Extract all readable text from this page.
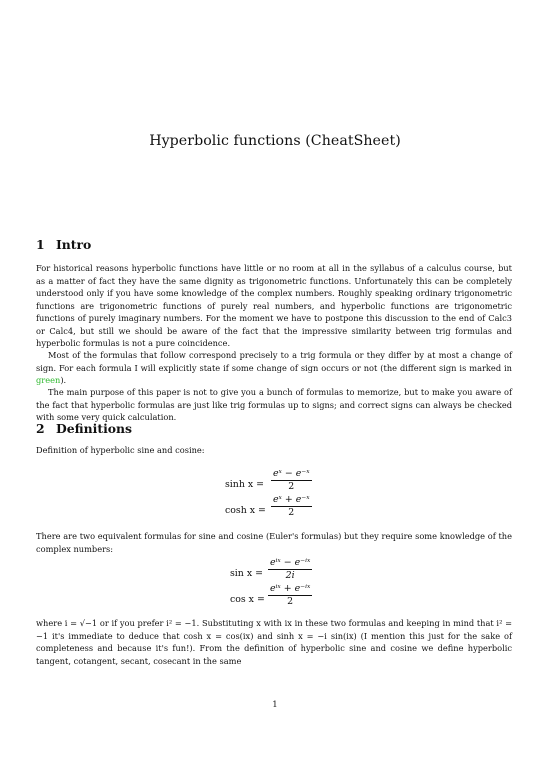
Hyperbolic functions (CheatSheet)
1 Intro
For historical reasons hyperbolic functions have little or no room at all in the syllabus of a calculus course, but as a matter of fact they have the same dignity as trigonometric functions. Unfortunately this can be completely understood only if you have some knowledge of the complex numbers. Roughly speaking ordinary trigonometric functions are trigonometric functions of purely real numbers, and hyperbolic functions are trigonometric functions of purely imaginary numbers. For the moment we have to postpone this discussion to the end of Calc3 or Calc4, but still we should be aware of the fact that the impressive similarity between trig formulas and hyperbolic formulas is not a pure coincidence.
Most of the formulas that follow correspond precisely to a trig formula or they differ by at most a change of sign. For each formula I will explicitly state if some change of sign occurs or not (the different sign is marked in green).
The main purpose of this paper is not to give you a bunch of formulas to memorize, but to make you aware of the fact that hyperbolic formulas are just like trig formulas up to signs; and correct signs can always be checked with some very quick calculation.
2 Definitions
Definition of hyperbolic sine and cosine:
$\sinh x = \frac{\text{eˣ − e⁻ˣ}}{2}$
$\cosh x = \frac{\text{eˣ + e⁻ˣ}}{2}$
There are two equivalent formulas for sine and cosine (Euler's formulas) but they require some knowledge of the complex numbers:
sin x =
eⁱˣ − e⁻ⁱˣ
2i
cos x =
eⁱˣ + e⁻ⁱˣ
2
where i = √−1 or if you prefer i² = −1. Substituting x with ix in these two formulas and keeping in mind that i² = −1 it's immediate to deduce that cosh x = cos(ix) and sinh x = −i sin(ix) (I mention this just for the sake of completeness and because it's fun!). From the definition of hyperbolic sine and cosine we define hyperbolic tangent, cotangent, secant, cosecant in the same
1
